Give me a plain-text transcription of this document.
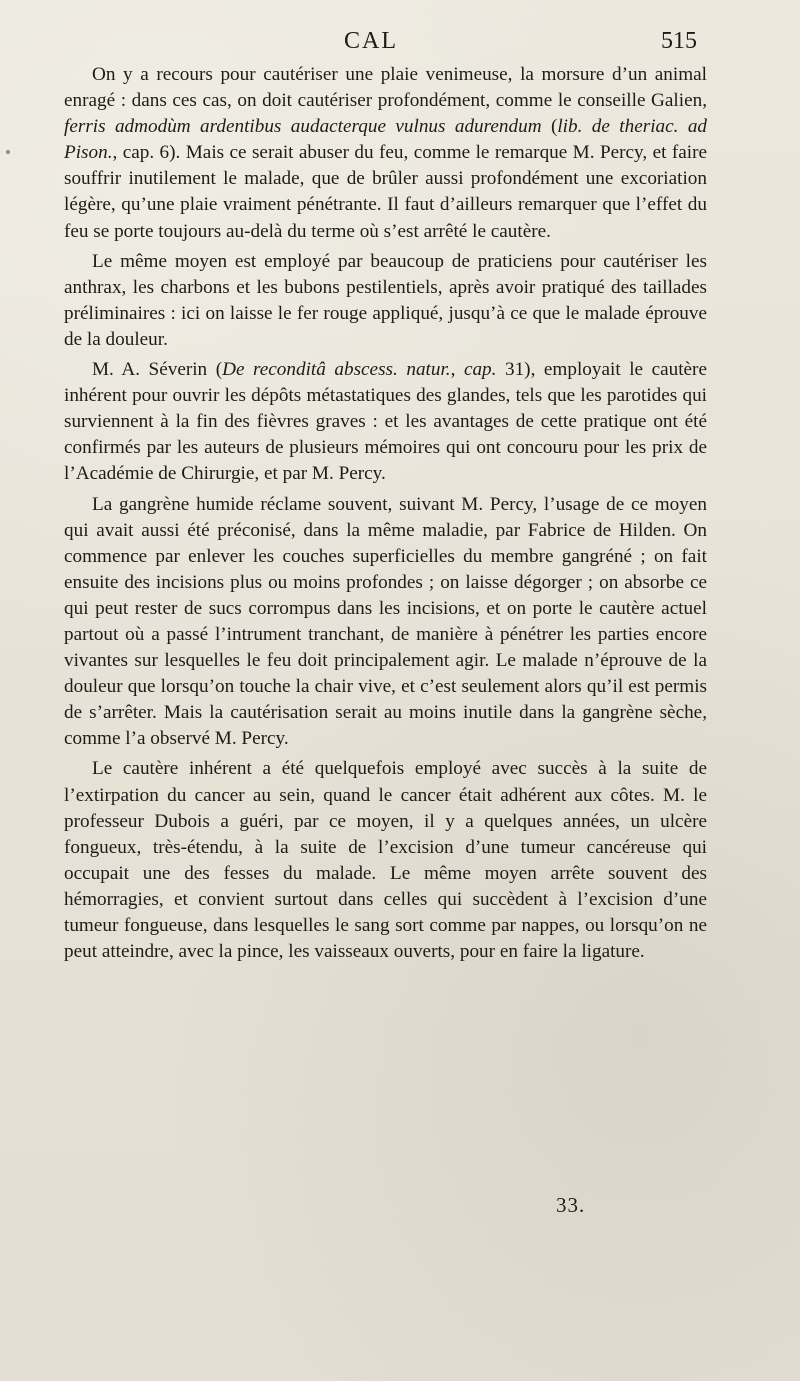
CAL	515

On y a recours pour cautériser une plaie venimeuse, la morsure d’un animal enragé : dans ces cas, on doit cautériser profondément, comme le conseille Galien, ferris admodùm ardentibus audacterque vulnus adurendum (lib. de theriac. ad Pison., cap. 6). Mais ce serait abuser du feu, comme le remarque M. Percy, et faire souffrir inutilement le malade, que de brûler aussi profondément une excoriation légère, qu’une plaie vraiment pénétrante. Il faut d’ailleurs remarquer que l’effet du feu se porte toujours au-delà du terme où s’est arrêté le cautère.

Le même moyen est employé par beaucoup de praticiens pour cautériser les anthrax, les charbons et les bubons pestilentiels, après avoir pratiqué des taillades préliminaires : ici on laisse le fer rouge appliqué, jusqu’à ce que le malade éprouve de la douleur.

M. A. Séverin (De reconditâ abscess. natur., cap. 31), employait le cautère inhérent pour ouvrir les dépôts métastatiques des glandes, tels que les parotides qui surviennent à la fin des fièvres graves : et les avantages de cette pratique ont été confirmés par les auteurs de plusieurs mémoires qui ont concouru pour les prix de l’Académie de Chirurgie, et par M. Percy.

La gangrène humide réclame souvent, suivant M. Percy, l’usage de ce moyen qui avait aussi été préconisé, dans la même maladie, par Fabrice de Hilden. On commence par enlever les couches superficielles du membre gangréné ; on fait ensuite des incisions plus ou moins profondes ; on laisse dégorger ; on absorbe ce qui peut rester de sucs corrompus dans les incisions, et on porte le cautère actuel partout où a passé l’intrument tranchant, de manière à pénétrer les parties encore vivantes sur lesquelles le feu doit principalement agir. Le malade n’éprouve de la douleur que lorsqu’on touche la chair vive, et c’est seulement alors qu’il est permis de s’arrêter. Mais la cautérisation serait au moins inutile dans la gangrène sèche, comme l’a observé M. Percy.

Le cautère inhérent a été quelquefois employé avec succès à la suite de l’extirpation du cancer au sein, quand le cancer était adhérent aux côtes. M. le professeur Dubois a guéri, par ce moyen, il y a quelques années, un ulcère fongueux, très-étendu, à la suite de l’excision d’une tumeur cancéreuse qui occupait une des fesses du malade. Le même moyen arrête souvent des hémorragies, et convient surtout dans celles qui succèdent à l’excision d’une tumeur fongueuse, dans lesquelles le sang sort comme par nappes, ou lorsqu’on ne peut atteindre, avec la pince, les vaisseaux ouverts, pour en faire la ligature.

33.
